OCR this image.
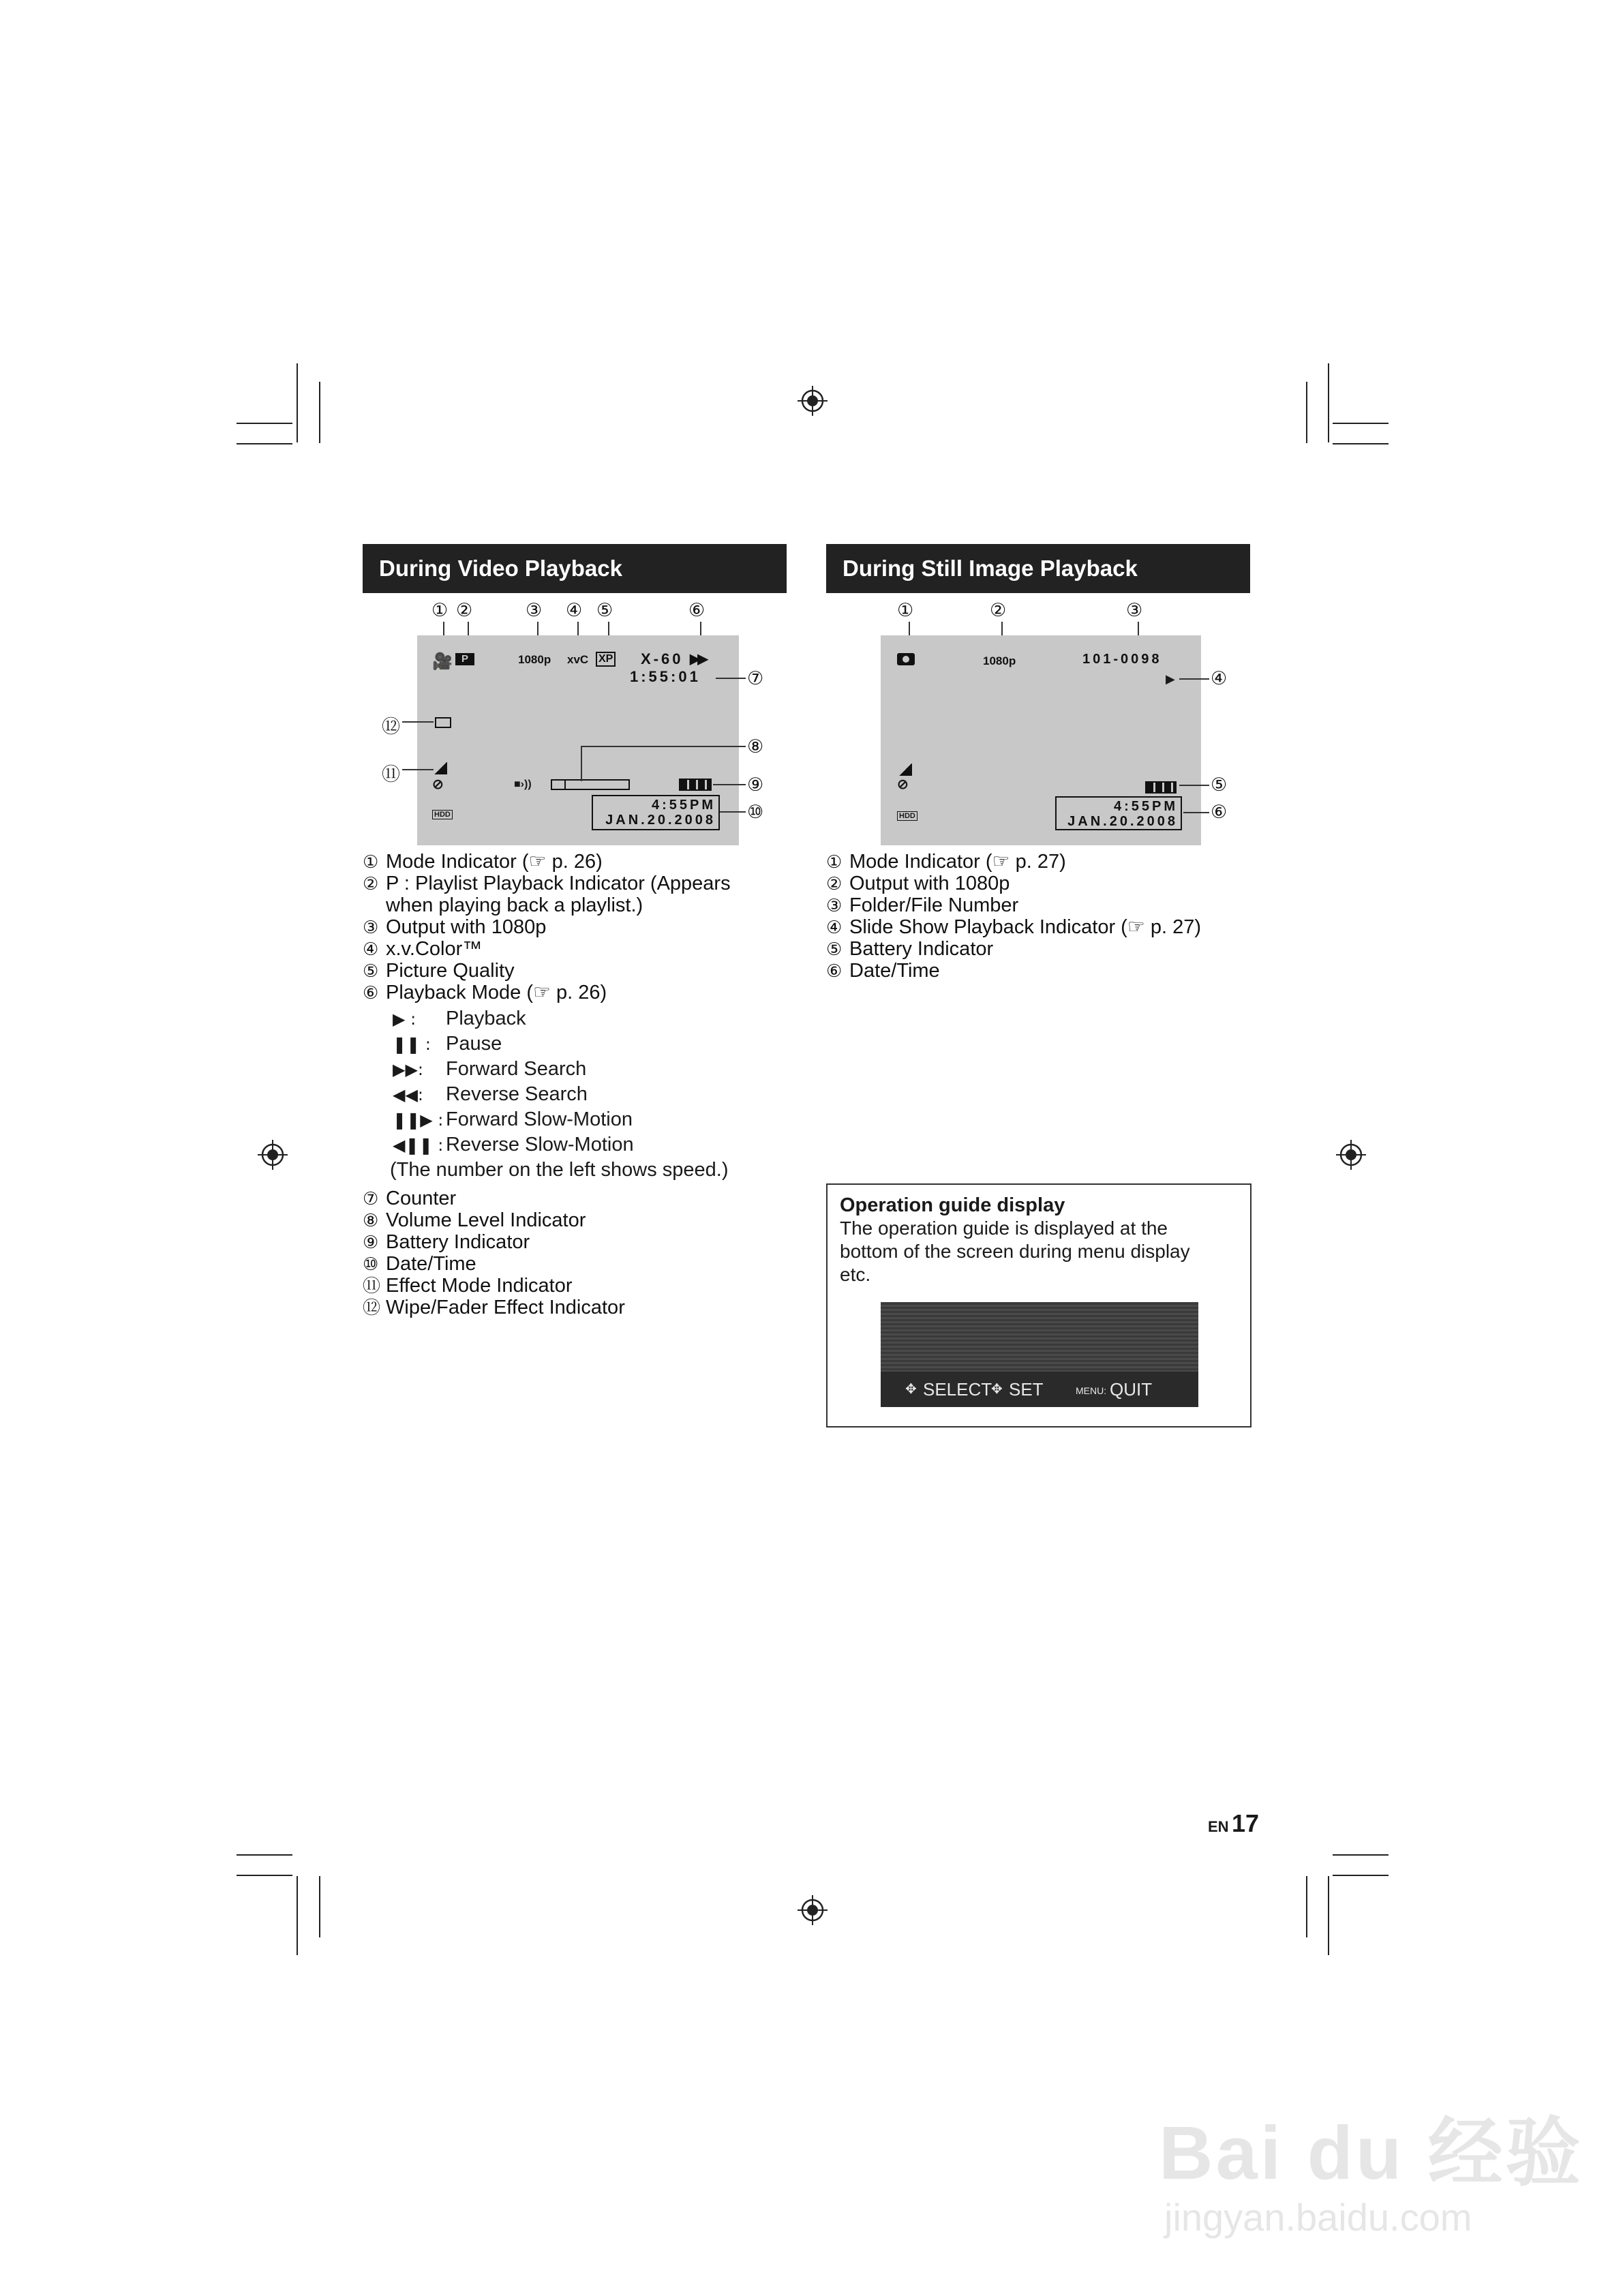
During Video Playback
① ②	③ ④ ⑤	⑥
🎥 P	1080p xvC XP X-60 ▶▶
1:55:01
⊘	■›))
4:55PM
JAN.20.2008
HDD
⑦
⑧
⑨
⑩
⑫
⑪
① Mode Indicator (☞ p. 26)
② P : Playlist Playback Indicator (Appears
when playing back a playlist.)
③ Output with 1080p
④ x.v.Color™
⑤ Picture Quality
⑥ Playback Mode (☞ p. 26)
▶ : Playback
❚❚ : Pause
▶▶: Forward Search
◀◀: Reverse Search
❚❚▶ : Forward Slow-Motion
◀❚❚ : Reverse Slow-Motion
(The number on the left shows speed.)
⑦ Counter
⑧ Volume Level Indicator
⑨ Battery Indicator
⑩ Date/Time
⑪ Effect Mode Indicator
⑫ Wipe/Fader Effect Indicator
During Still Image Playback
①	②	③
1080p	101-0098
▶
⊘
4:55PM
JAN.20.2008
HDD
④
⑤
⑥
① Mode Indicator (☞ p. 27)
② Output with 1080p
③ Folder/File Number
④ Slide Show Playback Indicator (☞ p. 27)
⑤ Battery Indicator
⑥ Date/Time
Operation guide display
The operation guide is displayed at the
bottom of the screen during menu display
etc.
✥ SELECT
✥ SET	MENU: QUIT
EN 17
Bai du 经验
jingyan.baidu.com
